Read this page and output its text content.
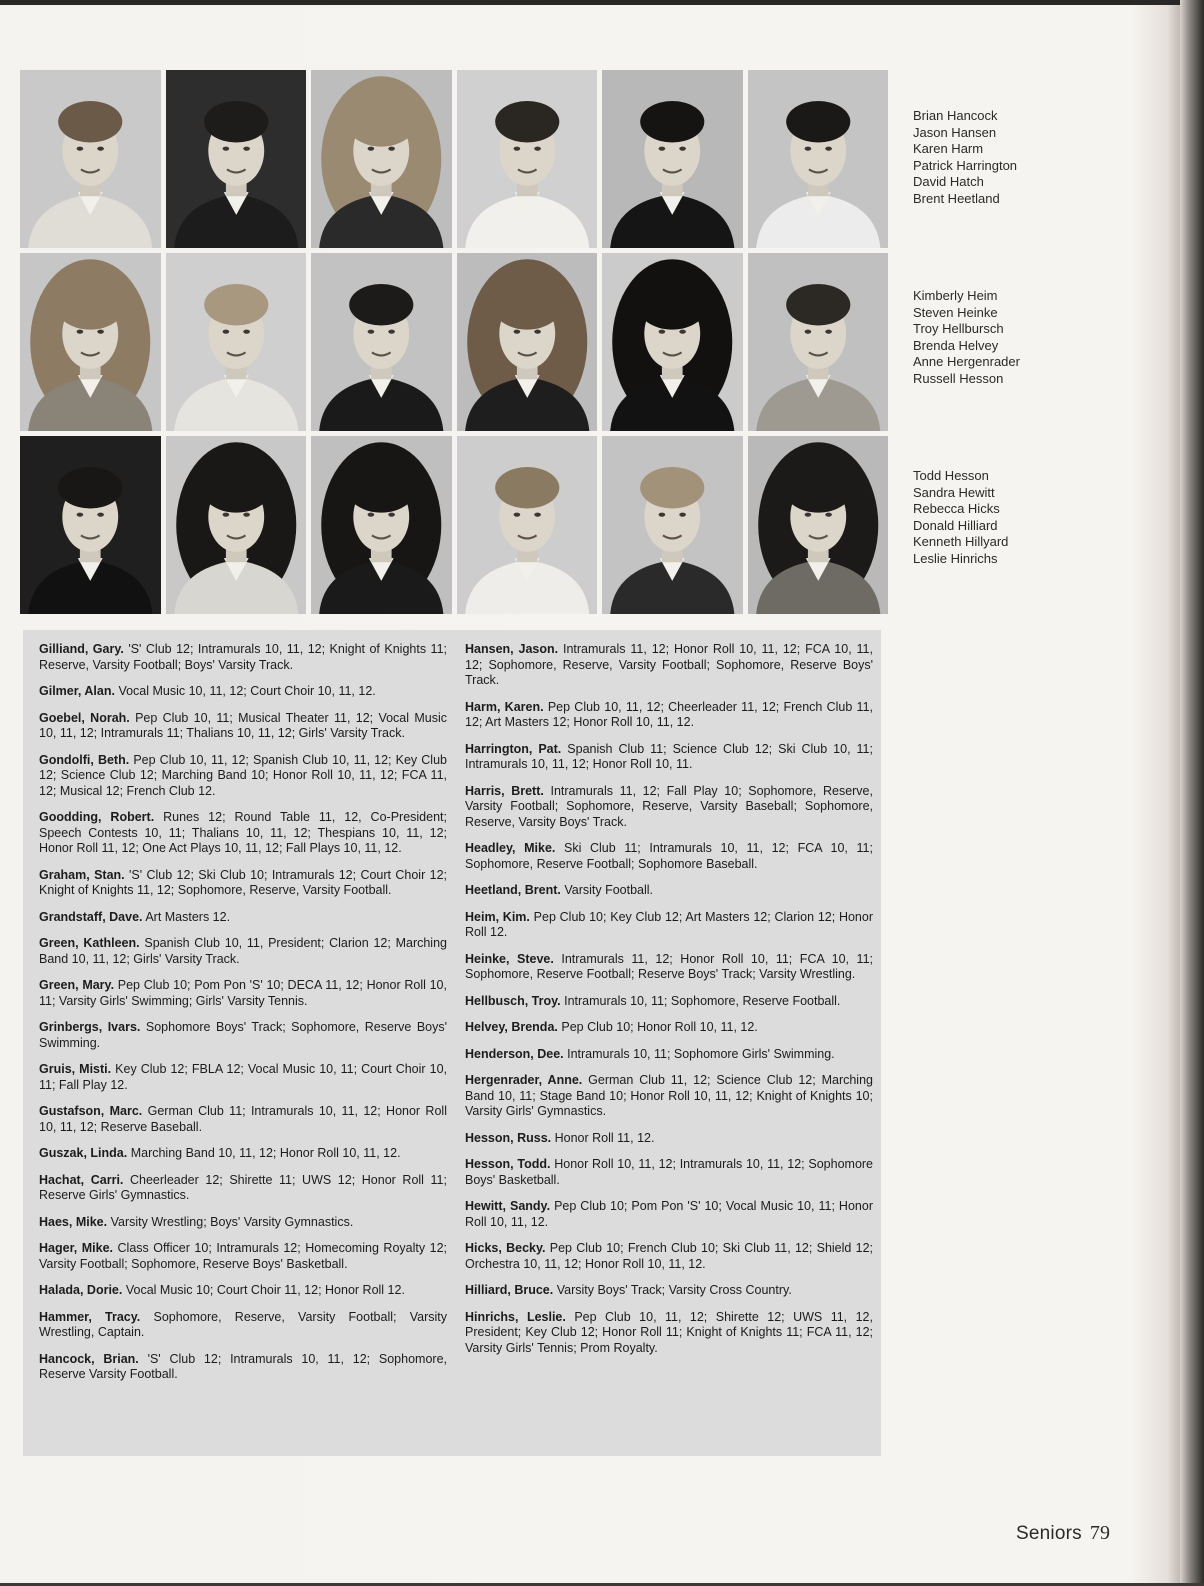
Brian Hancock
Jason Hansen
Karen Harm
Patrick Harrington
David Hatch
Brent Heetland
Kimberly Heim
Steven Heinke
Troy Hellbursch
Brenda Helvey
Anne Hergenrader
Russell Hesson
Todd Hesson
Sandra Hewitt
Rebecca Hicks
Donald Hilliard
Kenneth Hillyard
Leslie Hinrichs

Gilliand, Gary. 'S' Club 12; Intramurals 10, 11, 12; Knight of Knights 11; Reserve, Varsity Football; Boys' Varsity Track.

Gilmer, Alan. Vocal Music 10, 11, 12; Court Choir 10, 11, 12.

Goebel, Norah. Pep Club 10, 11; Musical Theater 11, 12; Vocal Music 10, 11, 12; Intramurals 11; Thalians 10, 11, 12; Girls' Varsity Track.

Gondolfi, Beth. Pep Club 10, 11, 12; Spanish Club 10, 11, 12; Key Club 12; Science Club 12; Marching Band 10; Honor Roll 10, 11, 12; FCA 11, 12; Musical 12; French Club 12.

Goodding, Robert. Runes 12; Round Table 11, 12, Co-President; Speech Contests 10, 11; Thalians 10, 11, 12; Thespians 10, 11, 12; Honor Roll 11, 12; One Act Plays 10, 11, 12; Fall Plays 10, 11, 12.

Graham, Stan. 'S' Club 12; Ski Club 10; Intramurals 12; Court Choir 12; Knight of Knights 11, 12; Sophomore, Reserve, Varsity Football.

Grandstaff, Dave. Art Masters 12.

Green, Kathleen. Spanish Club 10, 11, President; Clarion 12; Marching Band 10, 11, 12; Girls' Varsity Track.

Green, Mary. Pep Club 10; Pom Pon 'S' 10; DECA 11, 12; Honor Roll 10, 11; Varsity Girls' Swimming; Girls' Varsity Tennis.

Grinbergs, Ivars. Sophomore Boys' Track; Sophomore, Reserve Boys' Swimming.

Gruis, Misti. Key Club 12; FBLA 12; Vocal Music 10, 11; Court Choir 10, 11; Fall Play 12.

Gustafson, Marc. German Club 11; Intramurals 10, 11, 12; Honor Roll 10, 11, 12; Reserve Baseball.

Guszak, Linda. Marching Band 10, 11, 12; Honor Roll 10, 11, 12.

Hachat, Carri. Cheerleader 12; Shirette 11; UWS 12; Honor Roll 11; Reserve Girls' Gymnastics.

Haes, Mike. Varsity Wrestling; Boys' Varsity Gymnastics.

Hager, Mike. Class Officer 10; Intramurals 12; Homecoming Royalty 12; Varsity Football; Sophomore, Reserve Boys' Basketball.

Halada, Dorie. Vocal Music 10; Court Choir 11, 12; Honor Roll 12.

Hammer, Tracy. Sophomore, Reserve, Varsity Football; Varsity Wrestling, Captain.

Hancock, Brian. 'S' Club 12; Intramurals 10, 11, 12; Sophomore, Reserve Varsity Football.

Hansen, Jason. Intramurals 11, 12; Honor Roll 10, 11, 12; FCA 10, 11, 12; Sophomore, Reserve, Varsity Football; Sophomore, Reserve Boys' Track.

Harm, Karen. Pep Club 10, 11, 12; Cheerleader 11, 12; French Club 11, 12; Art Masters 12; Honor Roll 10, 11, 12.

Harrington, Pat. Spanish Club 11; Science Club 12; Ski Club 10, 11; Intramurals 10, 11, 12; Honor Roll 10, 11.

Harris, Brett. Intramurals 11, 12; Fall Play 10; Sophomore, Reserve, Varsity Football; Sophomore, Reserve, Varsity Baseball; Sophomore, Reserve, Varsity Boys' Track.

Headley, Mike. Ski Club 11; Intramurals 10, 11, 12; FCA 10, 11; Sophomore, Reserve Football; Sophomore Baseball.

Heetland, Brent. Varsity Football.

Heim, Kim. Pep Club 10; Key Club 12; Art Masters 12; Clarion 12; Honor Roll 12.

Heinke, Steve. Intramurals 11, 12; Honor Roll 10, 11; FCA 10, 11; Sophomore, Reserve Football; Reserve Boys' Track; Varsity Wrestling.

Hellbusch, Troy. Intramurals 10, 11; Sophomore, Reserve Football.

Helvey, Brenda. Pep Club 10; Honor Roll 10, 11, 12.

Henderson, Dee. Intramurals 10, 11; Sophomore Girls' Swimming.

Hergenrader, Anne. German Club 11, 12; Science Club 12; Marching Band 10, 11; Stage Band 10; Honor Roll 10, 11, 12; Knight of Knights 10; Varsity Girls' Gymnastics.

Hesson, Russ. Honor Roll 11, 12.

Hesson, Todd. Honor Roll 10, 11, 12; Intramurals 10, 11, 12; Sophomore Boys' Basketball.

Hewitt, Sandy. Pep Club 10; Pom Pon 'S' 10; Vocal Music 10, 11; Honor Roll 10, 11, 12.

Hicks, Becky. Pep Club 10; French Club 10; Ski Club 11, 12; Shield 12; Orchestra 10, 11, 12; Honor Roll 10, 11, 12.

Hilliard, Bruce. Varsity Boys' Track; Varsity Cross Country.

Hinrichs, Leslie. Pep Club 10, 11, 12; Shirette 12; UWS 11, 12, President; Key Club 12; Honor Roll 11; Knight of Knights 11; FCA 11, 12; Varsity Girls' Tennis; Prom Royalty.

Seniors 79
